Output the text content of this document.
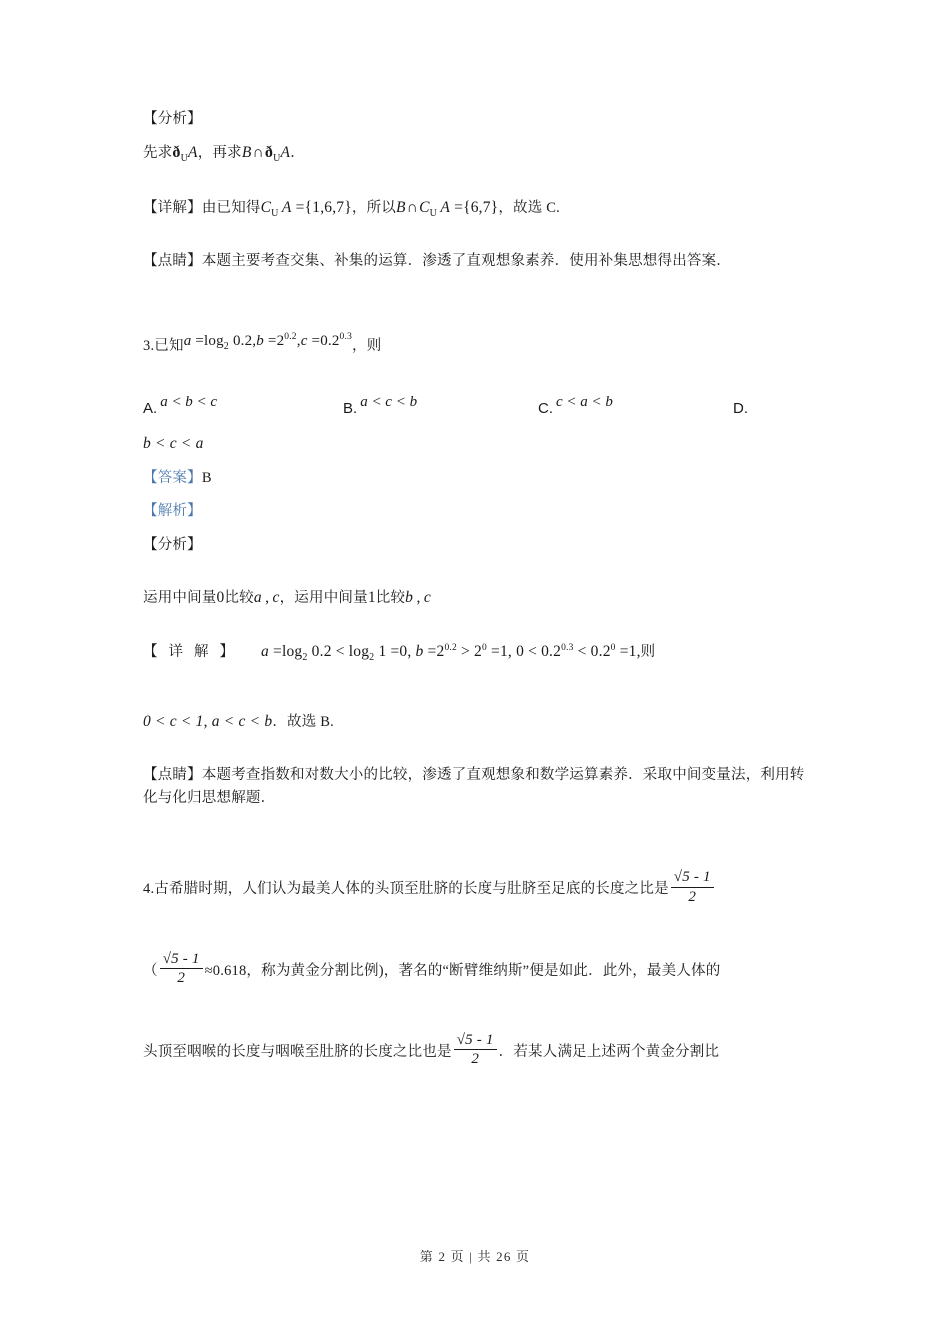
【分析】

先求$ð_UA$，再求$B\cap ð_UA$．

【详解】由已知得$C_U$  A ={1,6,7}，所以$B\cap C_U$  A ={6,7}，故选 C.

【点睛】本题主要考查交集、补集的运算．渗透了直观想象素养．使用补集思想得出答案．

3.已知$a =\log_2$ $0.2,b =2^{0.2},c =0.2^{0.3}$，则

A. a < b < c	B. a < c < b	C. c < a < b	D.

b < c < a

【答案】B

【解析】

【分析】

运用中间量0比较a  ,  c，运用中间量1比较b  ,  c

【详解】 $a =\log_2$ $0.2 < \log_2 1 =0$, $b =2^{0.2} > 2^0 =1$, $0 < 0.2^{0.3} < 0.2^0 =1$,则

0 < c < 1, a < c < b．故选 B.

【点睛】本题考查指数和对数大小的比较，渗透了直观想象和数学运算素养．采取中间变量法，利用转化与化归思想解题．

4.古希腊时期，人们认为最美人体的头顶至肚脐的长度与肚脐至足底的长度之比是 $\frac{√5 - 1}{2}$

（ $\frac{√5 - 1}{2} \approx 0.618$，称为黄金分割比例)，著名的“断臂维纳斯”便是如此．此外，最美人体的

头顶至咽喉的长度与咽喉至肚脐的长度之比也是 $\frac{√5 - 1}{2}$ ．若某人满足上述两个黄金分割比

第 2 页 | 共 26 页
